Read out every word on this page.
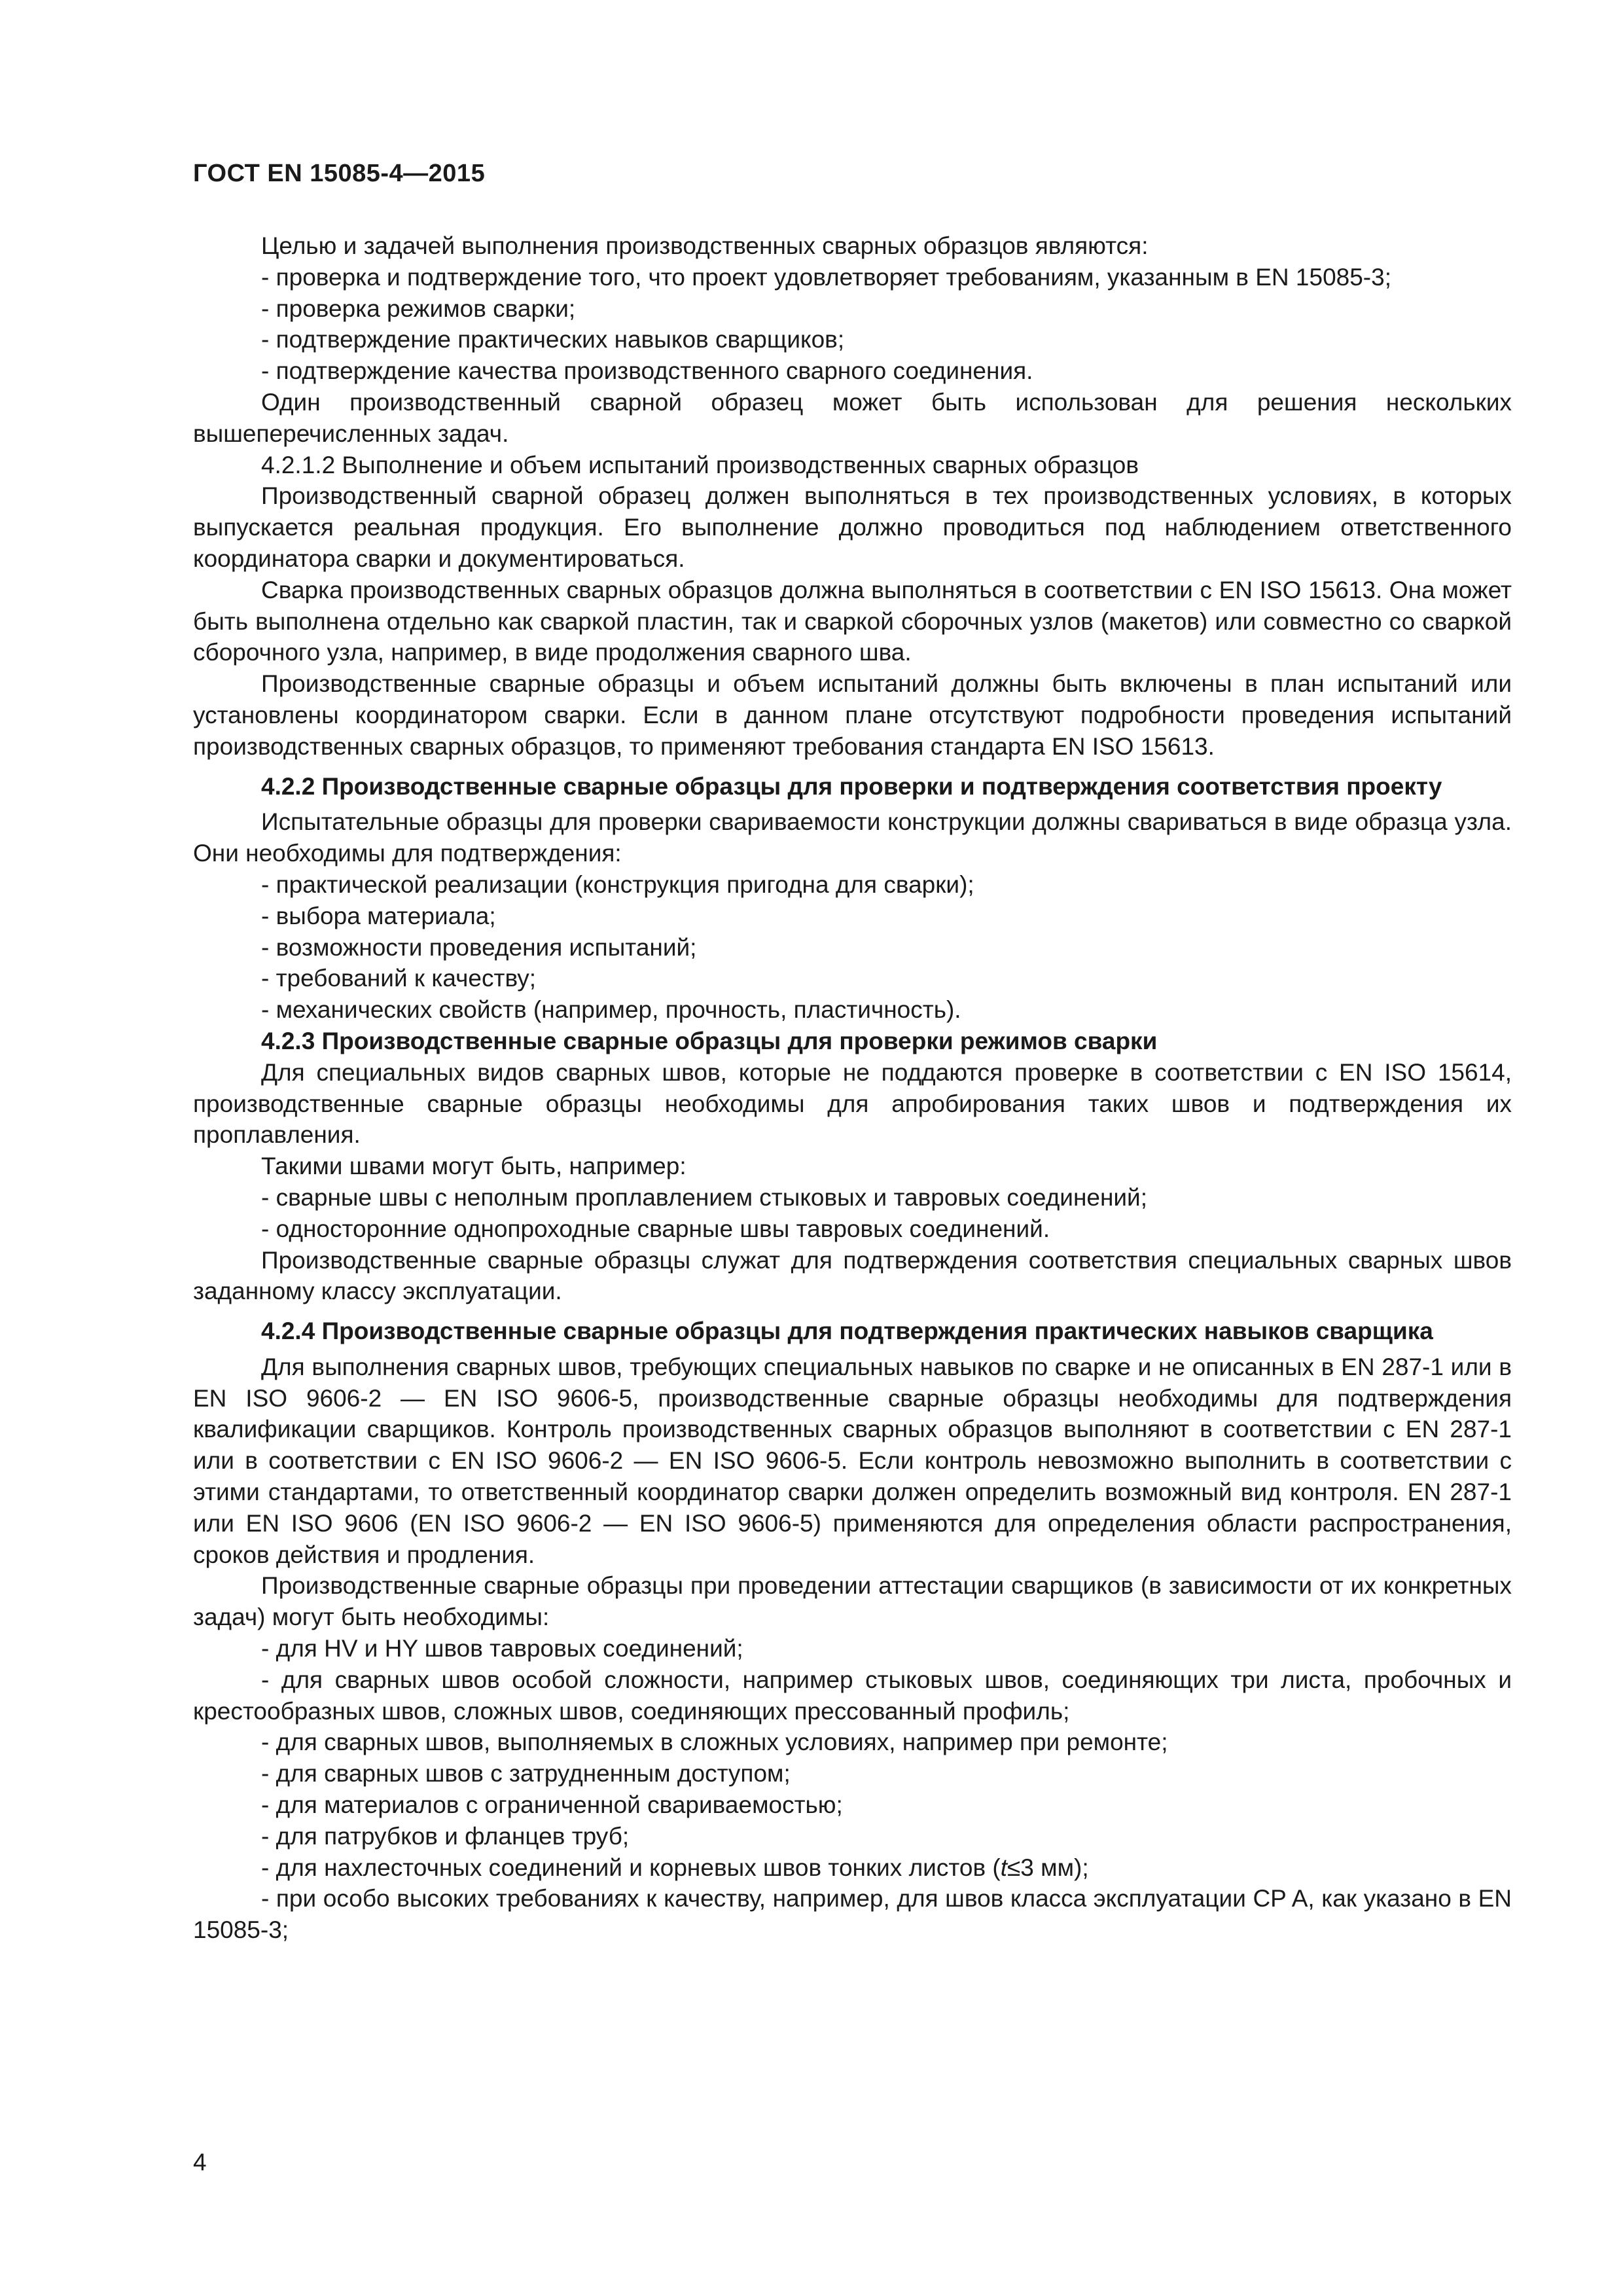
ГОСТ EN 15085-4—2015

Целью и задачей выполнения производственных сварных образцов являются:

- проверка и подтверждение того, что проект удовлетворяет требованиям, указанным в EN 15085-3;

- проверка режимов сварки;

- подтверждение практических навыков сварщиков;

- подтверждение качества производственного сварного соединения.

Один производственный сварной образец может быть использован для решения нескольких вышеперечисленных задач.

4.2.1.2 Выполнение и объем испытаний производственных сварных образцов

Производственный сварной образец должен выполняться в тех производственных условиях, в которых выпускается реальная продукция. Его выполнение должно проводиться под наблюдением ответственного координатора сварки и документироваться.

Сварка производственных сварных образцов должна выполняться в соответствии с EN ISO 15613. Она может быть выполнена отдельно как сваркой пластин, так и сваркой сборочных узлов (макетов) или совместно со сваркой сборочного узла, например, в виде продолжения сварного шва.

Производственные сварные образцы и объем испытаний должны быть включены в план испытаний или установлены координатором сварки. Если в данном плане отсутствуют подробности проведения испытаний производственных сварных образцов, то применяют требования стандарта EN ISO 15613.

4.2.2 Производственные сварные образцы для проверки и подтверждения соответствия проекту

Испытательные образцы для проверки свариваемости конструкции должны свариваться в виде образца узла. Они необходимы для подтверждения:

- практической реализации (конструкция пригодна для сварки);

- выбора материала;

- возможности проведения испытаний;

- требований к качеству;

- механических свойств (например, прочность, пластичность).

4.2.3 Производственные сварные образцы для проверки режимов сварки

Для специальных видов сварных швов, которые не поддаются проверке в соответствии с EN ISO 15614, производственные сварные образцы необходимы для апробирования таких швов и подтверждения их проплавления.

Такими швами могут быть, например:

- сварные швы с неполным проплавлением стыковых и тавровых соединений;

- односторонние однопроходные сварные швы тавровых соединений.

Производственные сварные образцы служат для подтверждения соответствия специальных сварных швов заданному классу эксплуатации.

4.2.4 Производственные сварные образцы для подтверждения практических навыков сварщика

Для выполнения сварных швов, требующих специальных навыков по сварке и не описанных в EN 287-1 или в EN ISO 9606-2 — EN ISO 9606-5, производственные сварные образцы необходимы для подтверждения квалификации сварщиков. Контроль производственных сварных образцов выполняют в соответствии с EN 287-1 или в соответствии с EN ISO 9606-2 — EN ISO 9606-5. Если контроль невозможно выполнить в соответствии с этими стандартами, то ответственный координатор сварки должен определить возможный вид контроля. EN 287-1 или EN ISO 9606 (EN ISO 9606-2 — EN ISO 9606-5) применяются для определения области распространения, сроков действия и продления.

Производственные сварные образцы при проведении аттестации сварщиков (в зависимости от их конкретных задач) могут быть необходимы:

- для HV и HY швов тавровых соединений;

- для сварных швов особой сложности, например стыковых швов, соединяющих три листа, пробочных и крестообразных швов, сложных швов, соединяющих прессованный профиль;

- для сварных швов, выполняемых в сложных условиях, например при ремонте;

- для сварных швов с затрудненным доступом;

- для материалов с ограниченной свариваемостью;

- для патрубков и фланцев труб;

- для нахлесточных соединений и корневых швов тонких листов (t≤3 мм);

- при особо высоких требованиях к качеству, например, для швов класса эксплуатации CP A, как указано в EN 15085-3;

4
